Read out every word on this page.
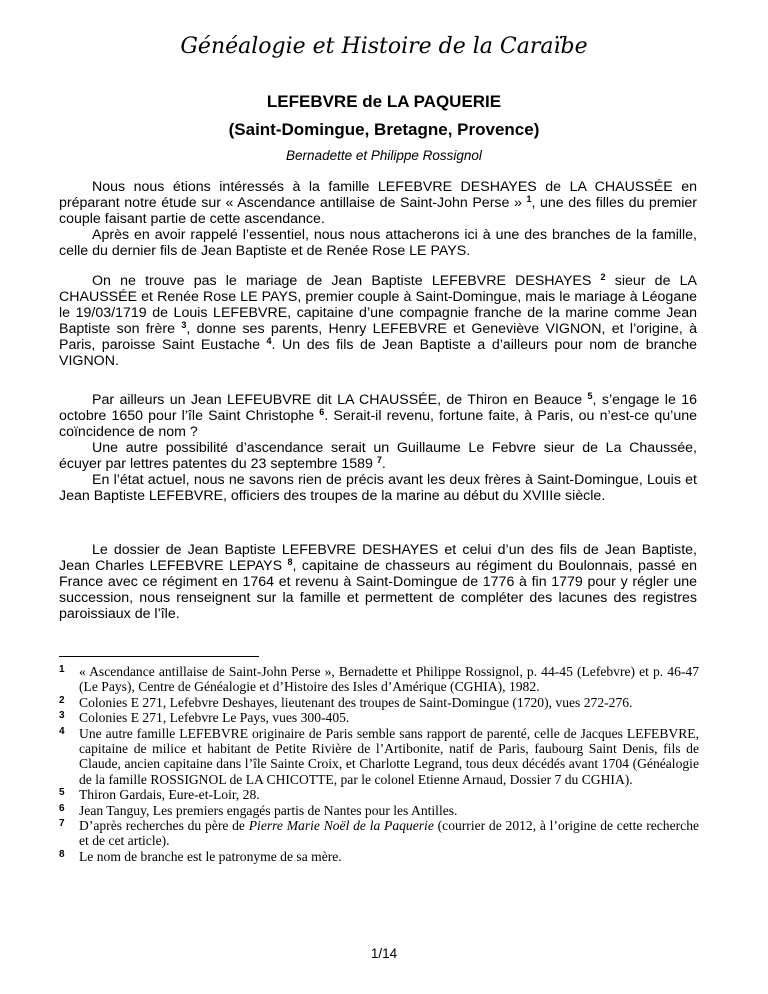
Généalogie et Histoire de la Caraïbe
LEFEBVRE de LA PAQUERIE
(Saint-Domingue, Bretagne, Provence)
Bernadette et Philippe Rossignol

Nous nous étions intéressés à la famille LEFEBVRE DESHAYES de LA CHAUSSÉE en préparant notre étude sur « Ascendance antillaise de Saint-John Perse » $^1$, une des filles du premier couple faisant partie de cette ascendance.

Après en avoir rappelé l’essentiel, nous nous attacherons ici à une des branches de la famille, celle du dernier fils de Jean Baptiste et de Renée Rose LE PAYS.

On ne trouve pas le mariage de Jean Baptiste LEFEBVRE DESHAYES $^2$ sieur de LA CHAUSSÉE et Renée Rose LE PAYS, premier couple à Saint-Domingue, mais le mariage à Léogane le 19/03/1719 de Louis LEFEBVRE, capitaine d’une compagnie franche de la marine comme Jean Baptiste son frère $^3$, donne ses parents, Henry LEFEBVRE et Geneviève VIGNON, et l’origine, à Paris, paroisse Saint Eustache $^4$. Un des fils de Jean Baptiste a d’ailleurs pour nom de branche VIGNON.

Par ailleurs un Jean LEFEUBVRE dit LA CHAUSSÉE, de Thiron en Beauce $^5$, s’engage le 16 octobre 1650 pour l’île Saint Christophe $^6$. Serait-il revenu, fortune faite, à Paris, ou n’est-ce qu’une coïncidence de nom ?

Une autre possibilité d’ascendance serait un Guillaume Le Febvre sieur de La Chaussée, écuyer par lettres patentes du 23 septembre 1589 $^7$.

En l’état actuel, nous ne savons rien de précis avant les deux frères à Saint-Domingue, Louis et Jean Baptiste LEFEBVRE, officiers des troupes de la marine au début du XVIIIe siècle.

Le dossier de Jean Baptiste LEFEBVRE DESHAYES et celui d’un des fils de Jean Baptiste, Jean Charles LEFEBVRE LEPAYS $^8$, capitaine de chasseurs au régiment du Boulonnais, passé en France avec ce régiment en 1764 et revenu à Saint-Domingue de 1776 à fin 1779 pour y régler une succession, nous renseignent sur la famille et permettent de compléter des lacunes des registres paroissiaux de l’île.

1 « Ascendance antillaise de Saint-John Perse », Bernadette et Philippe Rossignol, p. 44-45 (Lefebvre) et p. 46-47 (Le Pays), Centre de Généalogie et d’Histoire des Isles d’Amérique (CGHIA), 1982.
2 Colonies E 271, Lefebvre Deshayes, lieutenant des troupes de Saint-Domingue (1720), vues 272-276.
3 Colonies E 271, Lefebvre Le Pays, vues 300-405.
4 Une autre famille LEFEBVRE originaire de Paris semble sans rapport de parenté, celle de Jacques LEFEBVRE, capitaine de milice et habitant de Petite Rivière de l’Artibonite, natif de Paris, faubourg Saint Denis, fils de Claude, ancien capitaine dans l’île Sainte Croix, et Charlotte Legrand, tous deux décédés avant 1704 (Généalogie de la famille ROSSIGNOL de LA CHICOTTE, par le colonel Etienne Arnaud, Dossier 7 du CGHIA).
5 Thiron Gardais, Eure-et-Loir, 28.
6 Jean Tanguy, Les premiers engagés partis de Nantes pour les Antilles.
7 D’après recherches du père de Pierre Marie Noël de la Paquerie (courrier de 2012, à l’origine de cette recherche et de cet article).
8 Le nom de branche est le patronyme de sa mère.
1/14
